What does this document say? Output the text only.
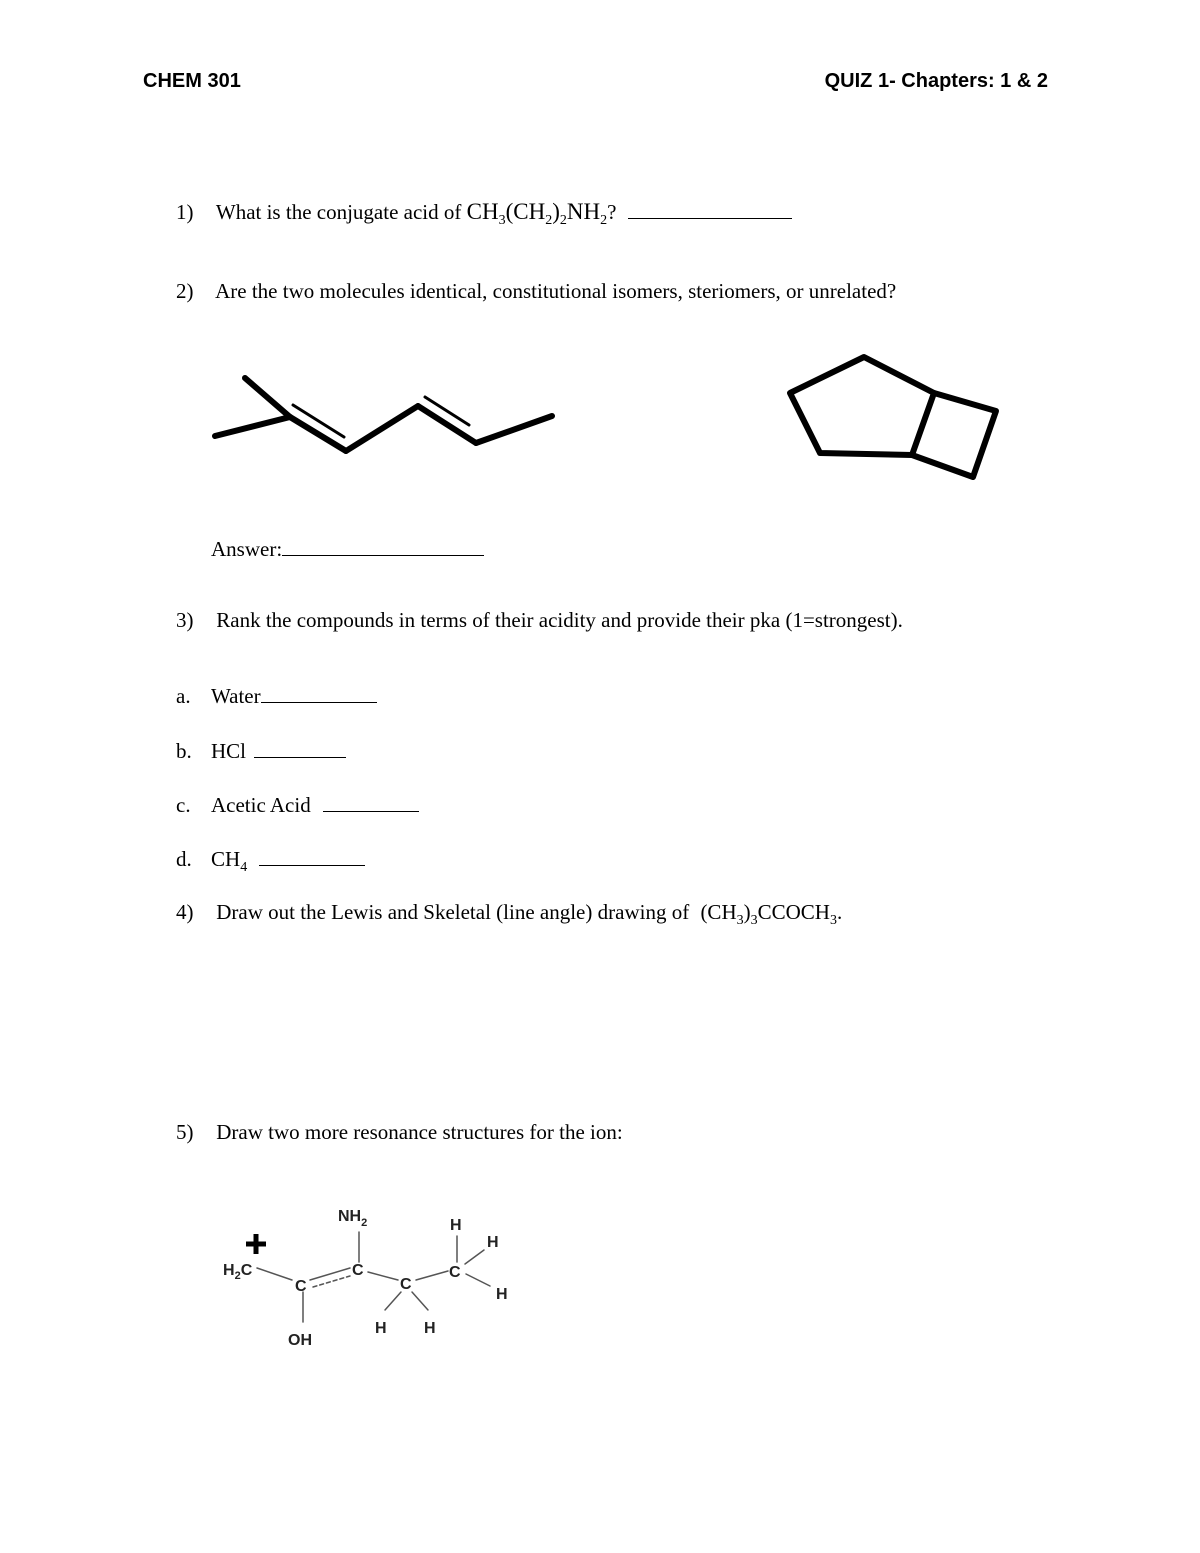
CHEM 301	QUIZ 1- Chapters: 1 & 2
1) What is the conjugate acid of $CH_3(CH_2)_2NH_2$?
2) Are the two molecules identical, constitutional isomers, steriomers, or unrelated?
Answer:
3) Rank the compounds in terms of their acidity and provide their pka (1=strongest).
a. Water
b. HCl
c. Acetic Acid
d. $CH_4$
4) Draw out the Lewis and Skeletal (line angle) drawing of $(CH_3)_3CCOCH_3$.
5) Draw two more resonance structures for the ion:
$H_2C$
C
C
C
C
$NH_2$
OH
H H
H
H
H
